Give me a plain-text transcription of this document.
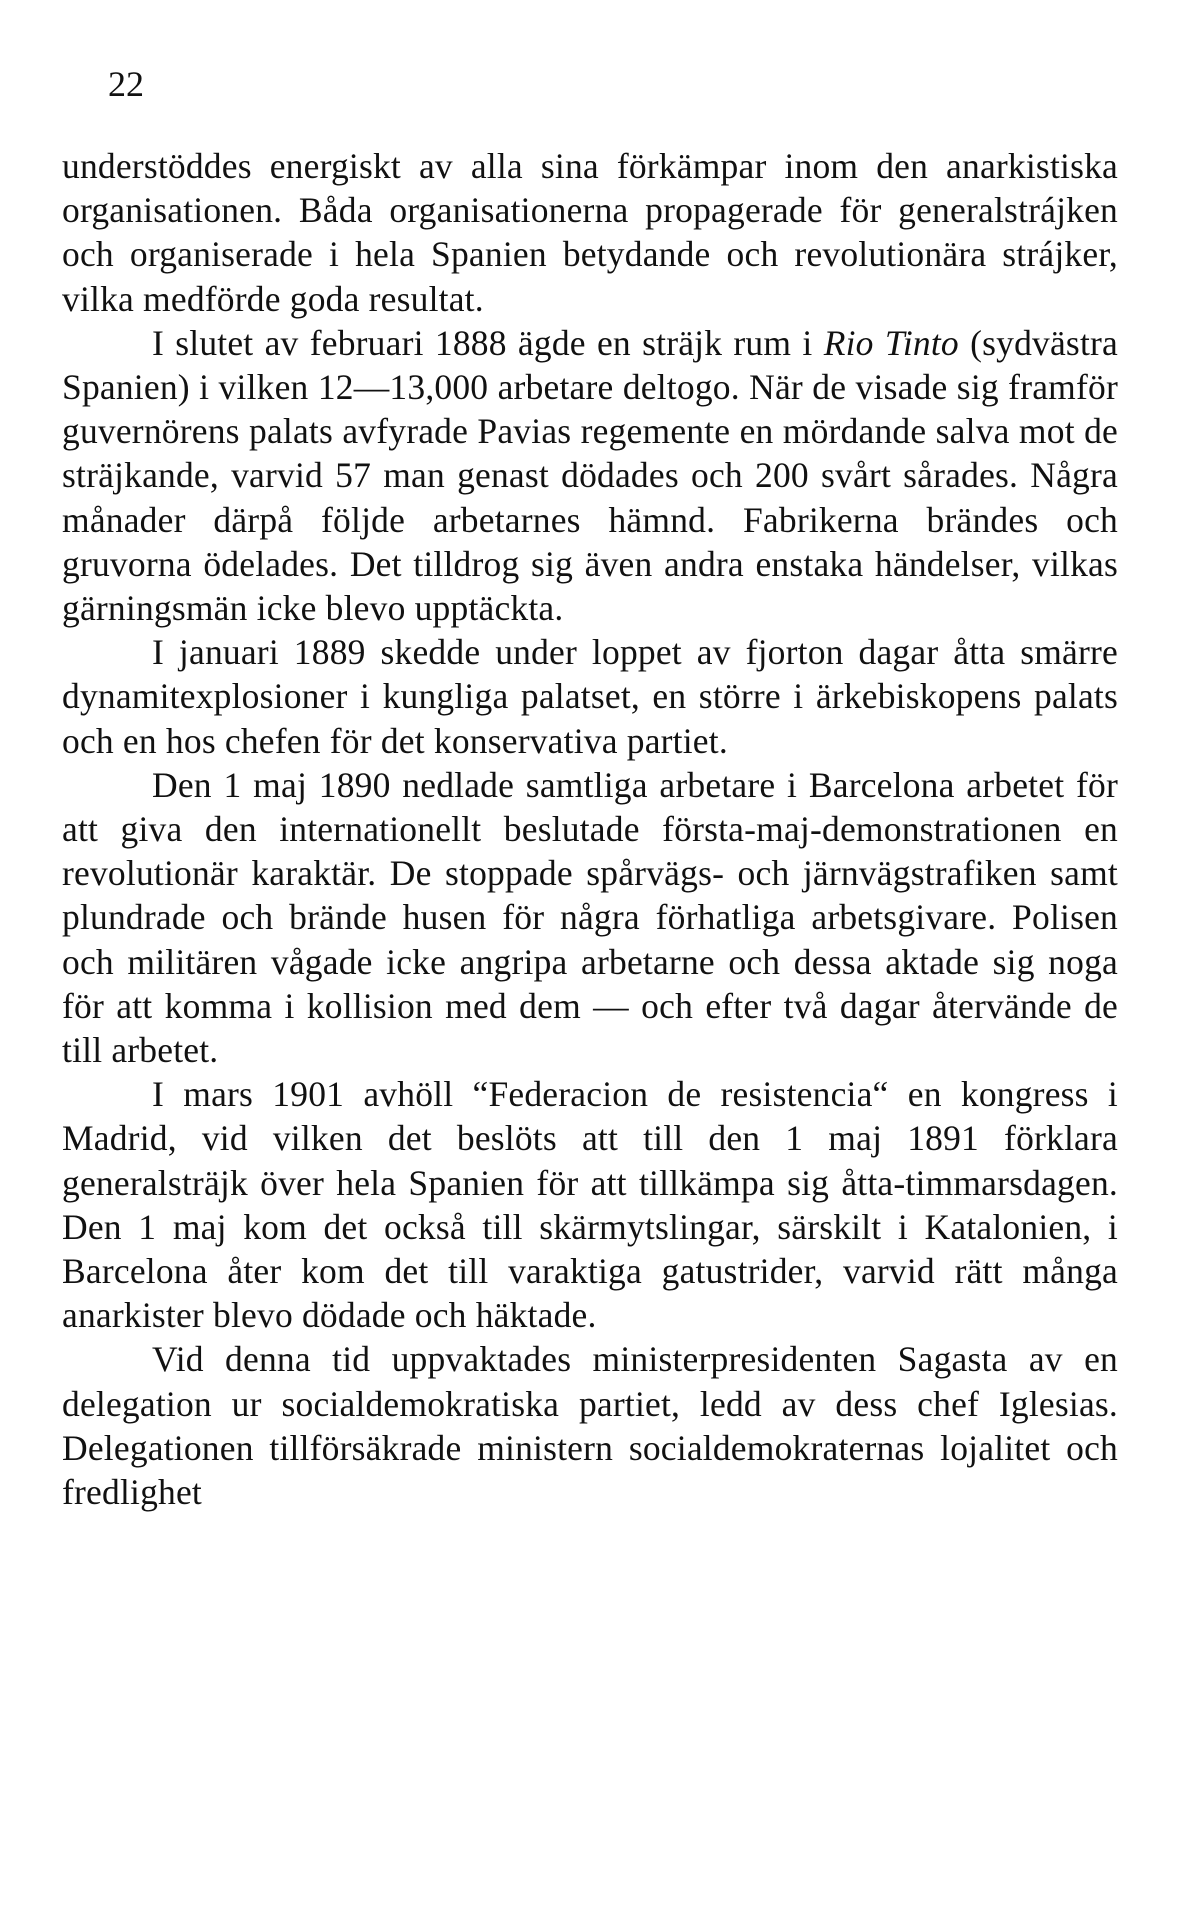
22

understöddes energiskt av alla sina förkämpar inom den anarkistiska organisationen. Båda organisationerna propagerade för generalstrájken och organiserade i hela Spanien betydande och revolutionära strájker, vilka medförde goda resultat.

I slutet av februari 1888 ägde en sträjk rum i Rio Tinto (sydvästra Spanien) i vilken 12—13,000 arbetare deltogo. När de visade sig framför guvernörens palats avfyrade Pavias regemente en mördande salva mot de sträjkande, varvid 57 man genast dödades och 200 svårt sårades. Några månader därpå följde arbetarnes hämnd. Fabrikerna brändes och gruvorna ödelades. Det tilldrog sig även andra enstaka händelser, vilkas gärningsmän icke blevo upptäckta.

I januari 1889 skedde under loppet av fjorton dagar åtta smärre dynamitexplosioner i kungliga palatset, en större i ärkebiskopens palats och en hos chefen för det konservativa partiet.

Den 1 maj 1890 nedlade samtliga arbetare i Barcelona arbetet för att giva den internationellt beslutade första-maj-demonstrationen en revolutionär karaktär. De stoppade spårvägs- och järnvägstrafiken samt plundrade och brände husen för några förhatliga arbetsgivare. Polisen och militären vågade icke angripa arbetarne och dessa aktade sig noga för att komma i kollision med dem — och efter två dagar återvände de till arbetet.

I mars 1901 avhöll “Federacion de resistencia“ en kongress i Madrid, vid vilken det beslöts att till den 1 maj 1891 förklara generalsträjk över hela Spanien för att tillkämpa sig åtta-timmarsdagen. Den 1 maj kom det också till skärmytslingar, särskilt i Katalonien, i Barcelona åter kom det till varaktiga gatustrider, varvid rätt många anarkister blevo dödade och häktade.

Vid denna tid uppvaktades ministerpresidenten Sagasta av en delegation ur socialdemokratiska partiet, ledd av dess chef Iglesias. Delegationen tillförsäkrade ministern socialdemokraternas lojalitet och fredlighet
